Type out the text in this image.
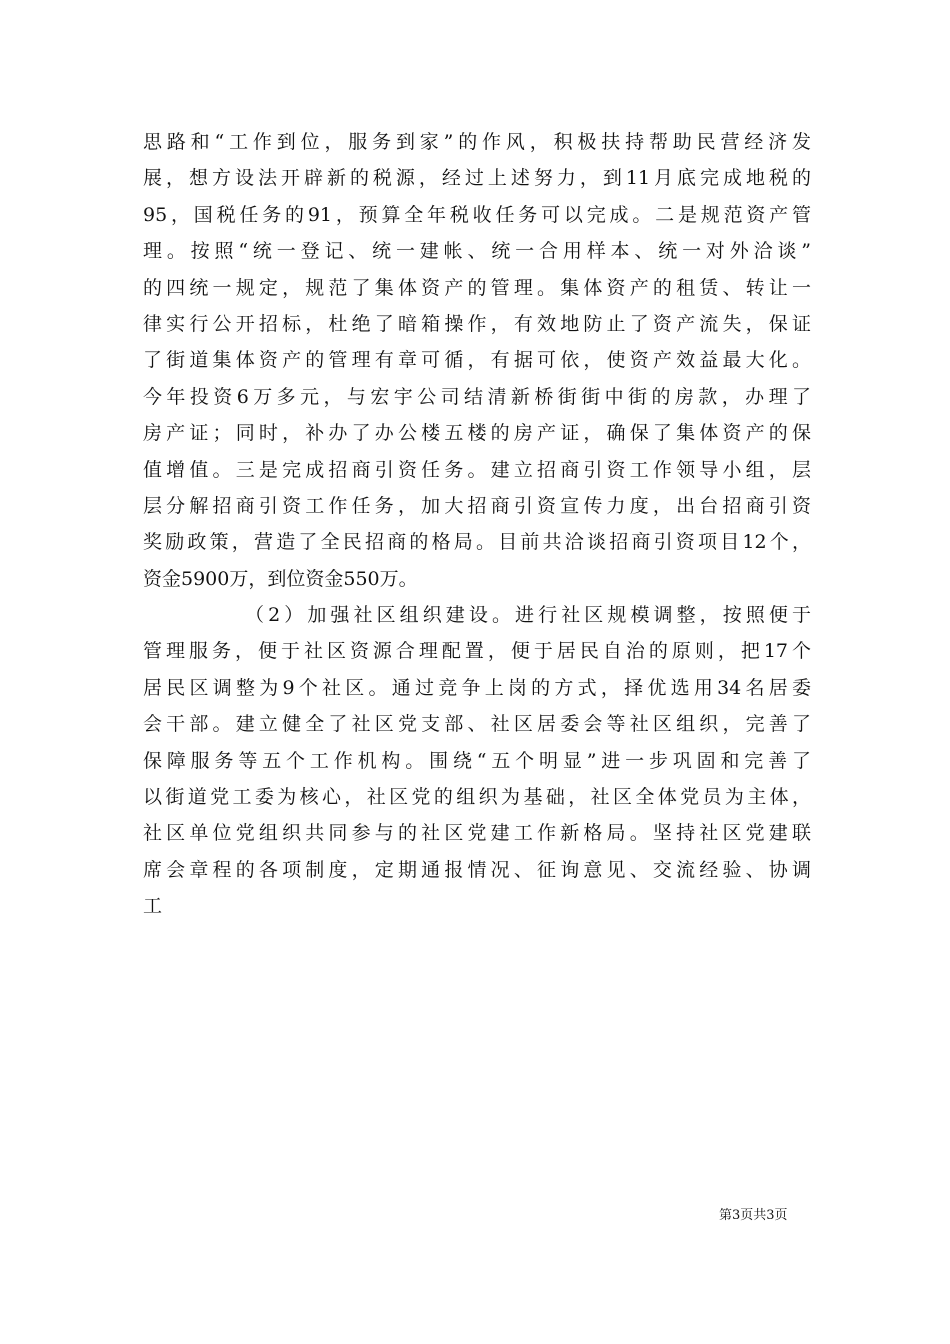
思路和“工作到位，服务到家”的作风，积极扶持帮助民营经济发
展，想方设法开辟新的税源，经过上述努力，到11月底完成地税的
95，国税任务的91，预算全年税收任务可以完成。二是规范资产管
理。按照“统一登记、统一建帐、统一合用样本、统一对外洽谈”
的四统一规定，规范了集体资产的管理。集体资产的租赁、转让一
律实行公开招标，杜绝了暗箱操作，有效地防止了资产流失，保证
了街道集体资产的管理有章可循，有据可依，使资产效益最大化。
今年投资6万多元，与宏宇公司结清新桥街街中街的房款，办理了
房产证；同时，补办了办公楼五楼的房产证，确保了集体资产的保
值增值。三是完成招商引资任务。建立招商引资工作领导小组，层
层分解招商引资工作任务，加大招商引资宣传力度，出台招商引资
奖励政策，营造了全民招商的格局。目前共洽谈招商引资项目12个，
资金5900万，到位资金550万。
（2）加强社区组织建设。进行社区规模调整，按照便于
管理服务，便于社区资源合理配置，便于居民自治的原则，把17个
居民区调整为9个社区。通过竞争上岗的方式，择优选用34名居委
会干部。建立健全了社区党支部、社区居委会等社区组织，完善了
保障服务等五个工作机构。围绕“五个明显”进一步巩固和完善了
以街道党工委为核心，社区党的组织为基础，社区全体党员为主体，
社区单位党组织共同参与的社区党建工作新格局。坚持社区党建联
席会章程的各项制度，定期通报情况、征询意见、交流经验、协调
工
第3页共3页
